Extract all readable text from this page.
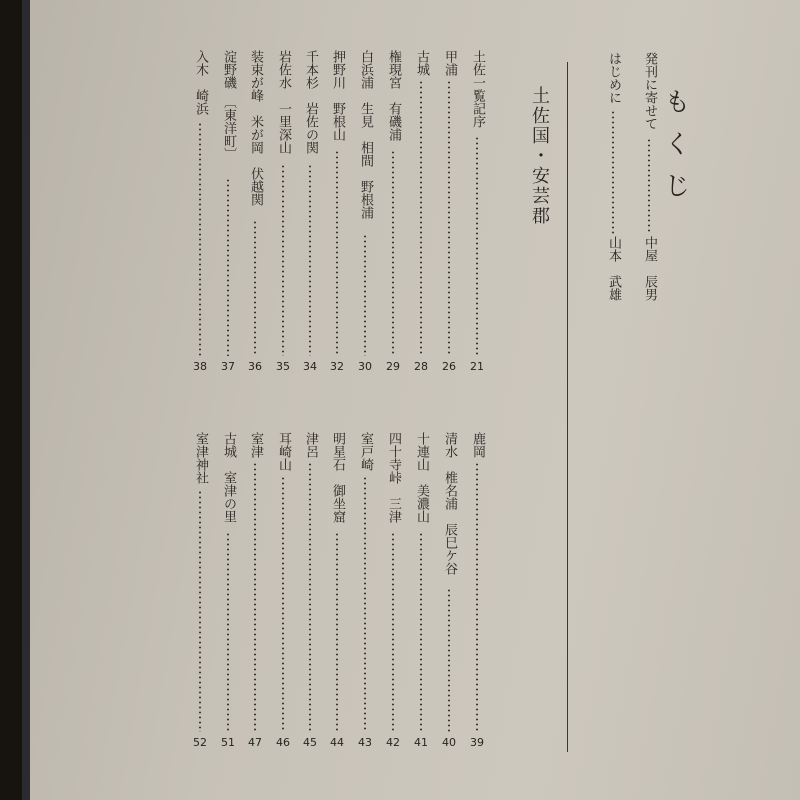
もくじ
土佐国・安芸郡	発刊に寄せて
中屋　辰男
はじめに
山本　武雄
土佐一覧記序
21
甲浦
26
古城
28
権現宮　有磯浦
29
白浜浦　生見　相間　野根浦
30
押野川　野根山
32
千本杉　岩佐の関
34
岩佐水　一里深山
35
装束が峰　米が岡　伏越関
36
淀野磯　〔東洋町〕
37
入木　崎浜
38
鹿岡
39
清水　椎名浦　辰巳ケ谷
40
十連山　美濃山
41
四十寺峠　三津
42
室戸崎
43
明星石　御坐窟
44
津呂
45
耳崎山
46
室津
47
古城　室津の里
51
室津神社
52
